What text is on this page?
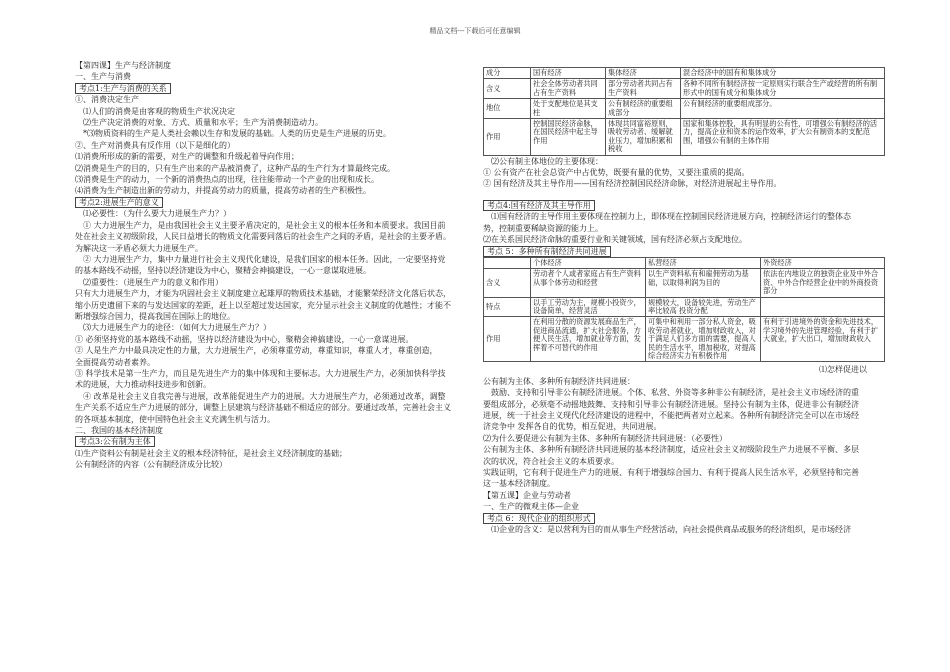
精品文档---下载后可任意编辑

【第四课】生产与经济制度

一、生产与消费

考点1:生产与消费的关系

①、消费决定生产

⑴人们的消费是由客观的物质生产状况决定

⑵生产决定消费的对象、方式、质量和水平；生产为消费制造动力。

*⑶物质资料的生产是人类社会赖以生存和发展的基础。人类的历史是生产进展的历史。

②、生产对消费具有反作用（以下是细化的）

⑴消费所形成的新的需要，对生产的调整和升级起着导向作用；

⑵消费是生产的目的，只有生产出来的产品被消费了，这种产品的生产行为才算最终完成。

⑶消费是生产的动力，一个新的消费热点的出现，往往能带动一个产业的出现和成长。

⑷消费为生产制造出新的劳动力，并提高劳动力的质量，提高劳动者的生产积极性。

考点2:进展生产的意义

⑴必要性：（为什么要大力进展生产力？）

① 大力进展生产力，是由我国社会主义主要矛盾决定的，是社会主义的根本任务和本质要求。我国目前

处在社会主义初级阶段，人民日益增长的物质文化需要同落后的社会生产之间的矛盾，是社会的主要矛盾。

为解决这一矛盾必须大力进展生产。

② 大力进展生产力，集中力量进行社会主义现代化建设，是我们国家的根本任务。因此，一定要坚持党

的基本路线不动摇，坚持以经济建设为中心，聚精会神搞建设，一心一意谋取进展。

⑵重要性：（进展生产力的意义和作用）

只有大力进展生产力，才能为巩固社会主义制度建立起雄厚的物质技术基础，才能繁荣经济文化落后状态，

缩小历史遗留下来的与发达国家的差距，赶上以至超过发达国家，充分显示社会主义制度的优越性；才能不

断增强综合国力，提高我国在国际上的地位。

⑶大力进展生产力的途径：（如何大力进展生产力？）

① 必须坚持党的基本路线不动摇，坚持以经济建设为中心，聚精会神搞建设，一心一意谋进展。

② 人是生产力中最具决定性的力量，大力进展生产，必须尊重劳动，尊重知识，尊重人才，尊重创造，

全面提高劳动者素养。

③ 科学技术是第一生产力，而且是先进生产力的集中体现和主要标志。大力进展生产力，必须加快科学技

术的进展，大力推动科技进步和创新。

④ 改革是社会主义自我完善与进展，改革能促进生产力的进展。大力进展生产力，必须通过改革，调整

生产关系不适应生产力进展的部分，调整上层建筑与经济基础不相适应的部分。要通过改革，完善社会主义

的各项基本制度，使中国特色社会主义充满生机与活力。

二、我国的基本经济制度

考点3:公有制为主体

⑴生产资料公有制是社会主义的根本经济特征，是社会主义经济制度的基础；

公有制经济的内容（公有制经济成分比较）

成分	国有经济	集体经济	混合经济中的国有和集体成分
含义	社会全体劳动者共同占有生产资料	部分劳动者共同占有生产资料	各种不同所有制经济按一定原则实行联合生产或经营的所有制形式中的国有成分和集体成分
地位	处于支配地位是其支柱	公有制经济的重要组成部分	公有制经济的重要组成部分。
作用	控制国民经济命脉，在国民经济中起主导作用	体现共同富裕原则，吸收劳动者、缓解就业压力，增加积累和税收	国家和集体控股，具有明显的公有性，可增强公有制经济的活力，提高企业和资本的运作效率，扩大公有制资本的支配范围，增强公有制的主体作用

⑵公有制主体地位的主要体现：

① 公有资产在社会总资产中占优势，既要有量的优势，又要注重质的提高。

② 国有经济及其主导作用——国有经济控制国民经济命脉，对经济进展起主导作用。

考点4:国有经济及其主导作用

⑴国有经济的主导作用主要体现在控制力上，即体现在控制国民经济进展方向，控制经济运行的整体态

势，控制重要稀缺资源的能力上。

⑵在关系国民经济命脉的重要行业和关键领域，国有经济必须占支配地位。

考点 5：多种所有制经济共同进展

	个体经济	私营经济	外资经济
含义	劳动者个人或者家庭占有生产资料从事个体劳动和经营	以生产资料私有和雇佣劳动为基础，以取得利润为目的	依法在内地设立的独资企业及中外合资、中外合作经营企业中的外商投资部分
特点	以手工劳动为主，规模小投资少，设备简单，经营灵活	规模较大，设备较先进，劳动生产率比较高 投资分配	
作用	在利用分散的资源发展商品生产，促进商品流通，扩大社会服务，方便人民生活，增加就业等方面，发挥着不可替代的作用	可集中和利用一部分私人资金，吸收劳动者就业，增加财政收入，对于满足人们多方面的需要，提高人民的生活水平，增加税收，对提高综合经济实力有积极作用	有利于引进境外的资金和先进技术，学习境外的先进管理经验，有利于扩大就业，扩大出口，增加财政收入

⑴怎样促进以

公有制为主体、多种所有制经济共同进展：

鼓励、支持和引导非公有制经济进展。个体、私营、外资等多种非公有制经济，是社会主义市场经济的重

要组成部分，必须毫不动摇地鼓舞、支持和引导非公有制经济进展。坚持公有制为主体，促进非公有制经济

进展，统一于社会主义现代化经济建设的进程中，不能把两者对立起来。各种所有制经济完全可以在市场经

济竞争中 发挥各自的优势，相互促进，共同进展。

⑵为什么要促进公有制为主体、多种所有制经济共同进展：（必要性）

公有制为主体、多种所有制经济共同进展的基本经济制度，适应社会主义初级阶段生产力进展不平衡、多层

次的状况，符合社会主义的本质要求。

实践证明，它有利于促进生产力的进展、有利于增强综合国力、有利于提高人民生活水平，必须坚持和完善

这一基本经济制度。

【第五课】企业与劳动者

一、生产的微观主体—企业

考点 6：现代企业的组织形式

⑴企业的含义：是以营利为目的而从事生产经营活动，向社会提供商品或服务的经济组织，是市场经济
